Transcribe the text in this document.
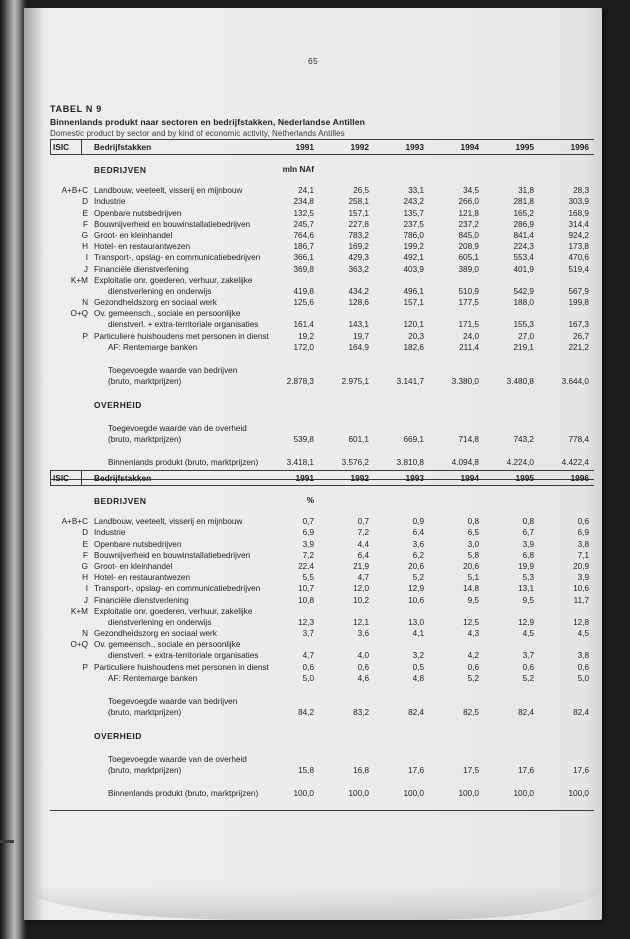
65
TABEL N 9
Binnenlands produkt naar sectoren en bedrijfstakken, Nederlandse Antillen
Domestic product by sector and by kind of economic activity, Netherlands Antilles
ISIC	Bedrijfstakken	1991	1992	1993	1994	1995	1996
BEDRIJVEN	mln NAf
A+B+C Landbouw, veeteelt, visserij en mijnbouw	24,1	26,5	33,1	34,5	31,8	28,3
D Industrie	234,8	258,1	243,2	266,0	281,8	303,9
E Openbare nutsbedrijven	132,5	157,1	135,7	121,8	165,2	168,9
F Bouwnijverheid en bouwinstallatiebedrijven	245,7	227,8	237,5	237,2	286,9	314,4
G Groot- en kleinhandel	764,6	783,2	786,0	845,0	841,4	924,2
H Hotel- en restaurantwezen	186,7	169,2	199,2	208,9	224,3	173,8
I Transport-, opslag- en communicatiebedrijven	366,1	429,3	492,1	605,1	553,4	470,6
J Financiële dienstverlening	369,8	363,2	403,9	389,0	401,9	519,4
K+M Exploitatie onr. goederen, verhuur, zakelijke
dienstverlening en onderwijs	419,8	434,2	496,1	510,9	542,9	567,9
N Gezondheidszorg en sociaal werk	125,6	128,6	157,1	177,5	188,0	199,8
O+Q Ov. gemeensch., sociale en persoonlijke
dienstverl. + extra-territoriale organisaties	161,4	143,1	120,1	171,5	155,3	167,3
P Particuliere huishoudens met personen in dienst	19,2	19,7	20,3	24,0	27,0	26,7
AF: Rentemarge banken	172,0	164,9	182,6	211,4	219,1	221,2
Toegevoegde waarde van bedrijven
(bruto, marktprijzen)	2.878,3	2.975,1	3.141,7	3.380,0	3.480,8	3.644,0
OVERHEID
Toegevoegde waarde van de overheid
(bruto, marktprijzen)	539,8	601,1	669,1	714,8	743,2	778,4
Binnenlands produkt (bruto, marktprijzen)	3.418,1	3.576,2	3.810,8	4.094,8	4.224,0	4.422,4
ISIC	Bedrijfstakken	1991	1992	1993	1994	1995	1996
BEDRIJVEN	%
A+B+C Landbouw, veeteelt, visserij en mijnbouw	0,7	0,7	0,9	0,8	0,8	0,6
D Industrie	6,9	7,2	6,4	6,5	6,7	6,9
E Openbare nutsbedrijven	3,9	4,4	3,6	3,0	3,9	3,8
F Bouwnijverheid en bouwinstallatiebedrijven	7,2	6,4	6,2	5,8	6,8	7,1
G Groot- en kleinhandel	22,4	21,9	20,6	20,6	19,9	20,9
H Hotel- en restaurantwezen	5,5	4,7	5,2	5,1	5,3	3,9
I Transport-, opslag- en communicatiebedrijven	10,7	12,0	12,9	14,8	13,1	10,6
J Financiële dienstverlening	10,8	10,2	10,6	9,5	9,5	11,7
K+M Exploitatie onr. goederen, verhuur, zakelijke
dienstverlening en onderwijs	12,3	12,1	13,0	12,5	12,9	12,8
N Gezondheidszorg en sociaal werk	3,7	3,6	4,1	4,3	4,5	4,5
O+Q Ov. gemeensch., sociale en persoonlijke
dienstverl. + extra-territoriale organisaties	4,7	4,0	3,2	4,2	3,7	3,8
P Particuliere huishoudens met personen in dienst	0,6	0,6	0,5	0,6	0,6	0,6
AF: Rentemarge banken	5,0	4,6	4,8	5,2	5,2	5,0
Toegevoegde waarde van bedrijven
(bruto, marktprijzen)	84,2	83,2	82,4	82,5	82,4	82,4
OVERHEID
Toegevoegde waarde van de overheid
(bruto, marktprijzen)	15,8	16,8	17,6	17,5	17,6	17,6
Binnenlands produkt (bruto, marktprijzen)	100,0	100,0	100,0	100,0	100,0	100,0
